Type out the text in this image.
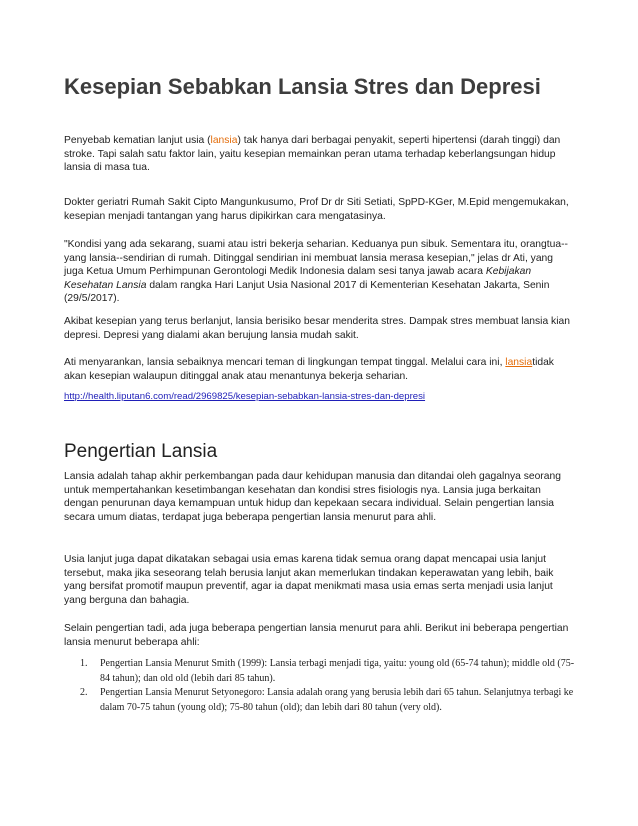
Kesepian Sebabkan Lansia Stres dan Depresi

Penyebab kematian lanjut usia (lansia) tak hanya dari berbagai penyakit, seperti hipertensi (darah tinggi) dan stroke. Tapi salah satu faktor lain, yaitu kesepian memainkan peran utama terhadap keberlangsungan hidup lansia di masa tua.

Dokter geriatri Rumah Sakit Cipto Mangunkusumo, Prof Dr dr Siti Setiati, SpPD-KGer, M.Epid mengemukakan, kesepian menjadi tantangan yang harus dipikirkan cara mengatasinya.

"Kondisi yang ada sekarang, suami atau istri bekerja seharian. Keduanya pun sibuk. Sementara itu, orangtua--yang lansia--sendirian di rumah. Ditinggal sendirian ini membuat lansia merasa kesepian," jelas dr Ati, yang juga Ketua Umum Perhimpunan Gerontologi Medik Indonesia dalam sesi tanya jawab acara Kebijakan Kesehatan Lansia dalam rangka Hari Lanjut Usia Nasional 2017 di Kementerian Kesehatan Jakarta, Senin (29/5/2017).

Akibat kesepian yang terus berlanjut, lansia berisiko besar menderita stres. Dampak stres membuat lansia kian depresi. Depresi yang dialami akan berujung lansia mudah sakit.

Ati menyarankan, lansia sebaiknya mencari teman di lingkungan tempat tinggal. Melalui cara ini, lansiatidak akan kesepian walaupun ditinggal anak atau menantunya bekerja seharian.

http://health.liputan6.com/read/2969825/kesepian-sebabkan-lansia-stres-dan-depresi
Pengertian Lansia

Lansia adalah tahap akhir perkembangan pada daur kehidupan manusia dan ditandai oleh gagalnya seorang untuk mempertahankan kesetimbangan kesehatan dan kondisi stres fisiologis nya. Lansia juga berkaitan dengan penurunan daya kemampuan untuk hidup dan kepekaan secara individual. Selain pengertian lansia secara umum diatas, terdapat juga beberapa pengertian lansia menurut para ahli.

Usia lanjut juga dapat dikatakan sebagai usia emas karena tidak semua orang dapat mencapai usia lanjut tersebut, maka jika seseorang telah berusia lanjut akan memerlukan tindakan keperawatan yang lebih, baik yang bersifat promotif maupun preventif, agar ia dapat menikmati masa usia emas serta menjadi usia lanjut yang berguna dan bahagia.

Selain pengertian tadi, ada juga beberapa pengertian lansia menurut para ahli. Berikut ini beberapa pengertian lansia menurut beberapa ahli:

1. Pengertian Lansia Menurut Smith (1999): Lansia terbagi menjadi tiga, yaitu: young old (65-74 tahun); middle old (75-84 tahun); dan old old (lebih dari 85 tahun).
2. Pengertian Lansia Menurut Setyonegoro: Lansia adalah orang yang berusia lebih dari 65 tahun. Selanjutnya terbagi ke dalam 70-75 tahun (young old); 75-80 tahun (old); dan lebih dari 80 tahun (very old).
